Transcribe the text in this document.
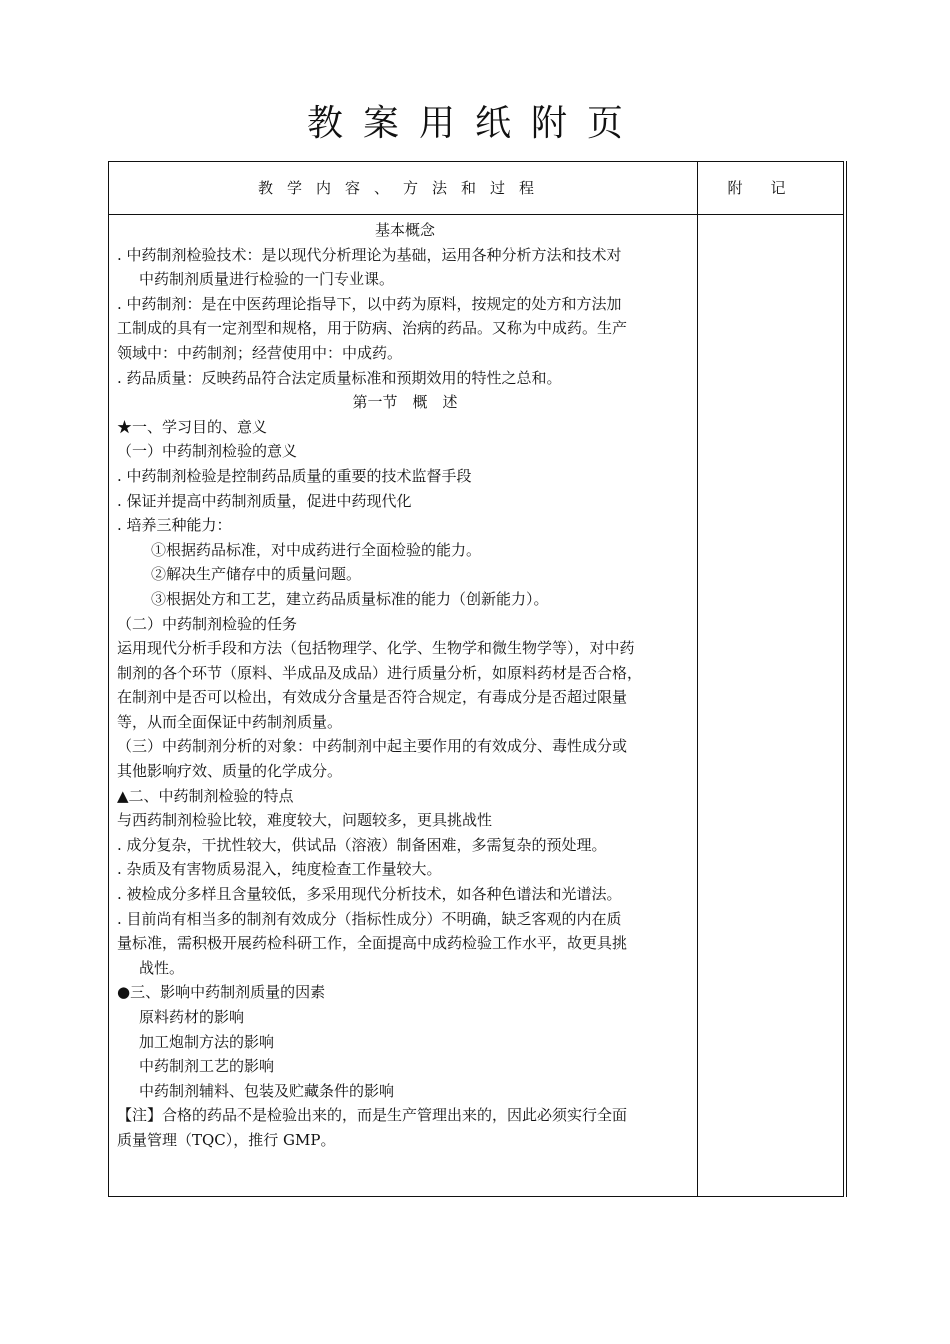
教案用纸附页
教学内容、方法和过程	附记

基本概念

. 中药制剂检验技术：是以现代分析理论为基础，运用各种分析方法和技术对

中药制剂质量进行检验的一门专业课。

. 中药制剂：是在中医药理论指导下，以中药为原料，按规定的处方和方法加

工制成的具有一定剂型和规格，用于防病、治病的药品。又称为中成药。生产

领域中：中药制剂；经营使用中：中成药。

. 药品质量：反映药品符合法定质量标准和预期效用的特性之总和。

第一节　概　述

★一、学习目的、意义

（一）中药制剂检验的意义

. 中药制剂检验是控制药品质量的重要的技术监督手段

. 保证并提高中药制剂质量，促进中药现代化

. 培养三种能力：

①根据药品标准，对中成药进行全面检验的能力。

②解决生产储存中的质量问题。

③根据处方和工艺，建立药品质量标准的能力（创新能力）。

（二）中药制剂检验的任务

运用现代分析手段和方法（包括物理学、化学、生物学和微生物学等），对中药

制剂的各个环节（原料、半成品及成品）进行质量分析，如原料药材是否合格，

在制剂中是否可以检出，有效成分含量是否符合规定，有毒成分是否超过限量

等，从而全面保证中药制剂质量。

（三）中药制剂分析的对象：中药制剂中起主要作用的有效成分、毒性成分或

其他影响疗效、质量的化学成分。

▲二、中药制剂检验的特点

与西药制剂检验比较，难度较大，问题较多，更具挑战性

. 成分复杂，干扰性较大，供试品（溶液）制备困难，多需复杂的预处理。

. 杂质及有害物质易混入，纯度检查工作量较大。

. 被检成分多样且含量较低，多采用现代分析技术，如各种色谱法和光谱法。

. 目前尚有相当多的制剂有效成分（指标性成分）不明确，缺乏客观的内在质

量标准，需积极开展药检科研工作，全面提高中成药检验工作水平，故更具挑

战性。

●三、影响中药制剂质量的因素

原料药材的影响

加工炮制方法的影响

中药制剂工艺的影响

中药制剂辅料、包装及贮藏条件的影响

【注】合格的药品不是检验出来的，而是生产管理出来的，因此必须实行全面

质量管理（TQC），推行 GMP。
